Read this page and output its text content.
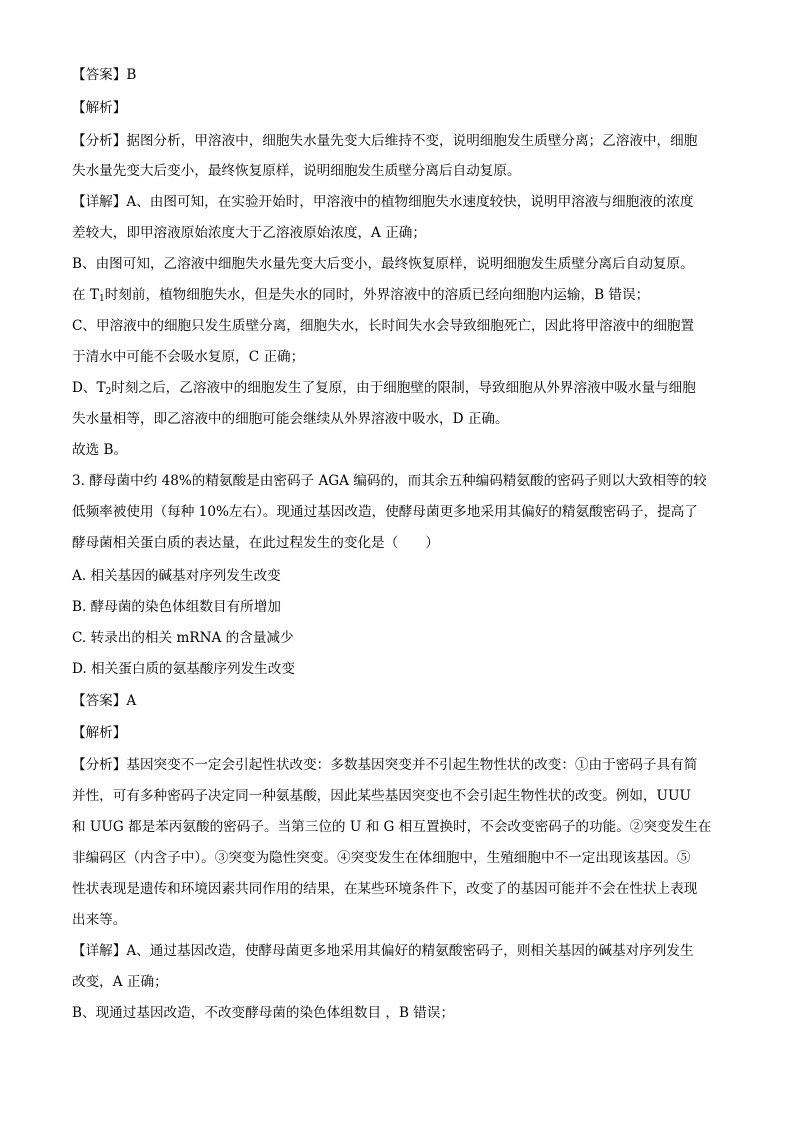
【答案】B
【解析】
【分析】据图分析，甲溶液中，细胞失水量先变大后维持不变，说明细胞发生质壁分离；乙溶液中，细胞
失水量先变大后变小，最终恢复原样，说明细胞发生质壁分离后自动复原。
【详解】A、由图可知，在实验开始时，甲溶液中的植物细胞失水速度较快，说明甲溶液与细胞液的浓度
差较大，即甲溶液原始浓度大于乙溶液原始浓度，A 正确；
B、由图可知，乙溶液中细胞失水量先变大后变小，最终恢复原样，说明细胞发生质壁分离后自动复原。
在 $T_1$时刻前，植物细胞失水，但是失水的同时，外界溶液中的溶质已经向细胞内运输，B 错误；
C、甲溶液中的细胞只发生质壁分离，细胞失水，长时间失水会导致细胞死亡，因此将甲溶液中的细胞置
于清水中可能不会吸水复原，C 正确；
D、$T_2$时刻之后，乙溶液中的细胞发生了复原，由于细胞壁的限制，导致细胞从外界溶液中吸水量与细胞
失水量相等，即乙溶液中的细胞可能会继续从外界溶液中吸水，D 正确。
故选 B。
3. 酵母菌中约 48%的精氨酸是由密码子 AGA 编码的，而其余五种编码精氨酸的密码子则以大致相等的较
低频率被使用（每种 10%左右）。现通过基因改造，使酵母菌更多地采用其偏好的精氨酸密码子，提高了
酵母菌相关蛋白质的表达量，在此过程发生的变化是（　　）
A. 相关基因的碱基对序列发生改变
B. 酵母菌的染色体组数目有所增加
C. 转录出的相关 mRNA 的含量减少
D. 相关蛋白质的氨基酸序列发生改变
【答案】A
【解析】
【分析】基因突变不一定会引起性状改变：多数基因突变并不引起生物性状的改变：①由于密码子具有简
并性，可有多种密码子决定同一种氨基酸，因此某些基因突变也不会引起生物性状的改变。例如，UUU
和 UUG 都是苯丙氨酸的密码子。当第三位的 U 和 G 相互置换时，不会改变密码子的功能。②突变发生在
非编码区（内含子中）。③突变为隐性突变。④突变发生在体细胞中，生殖细胞中不一定出现该基因。⑤
性状表现是遗传和环境因素共同作用的结果，在某些环境条件下，改变了的基因可能并不会在性状上表现
出来等。
【详解】A、通过基因改造，使酵母菌更多地采用其偏好的精氨酸密码子，则相关基因的碱基对序列发生
改变，A 正确；
B、现通过基因改造，不改变酵母菌的染色体组数目 ，B 错误；
